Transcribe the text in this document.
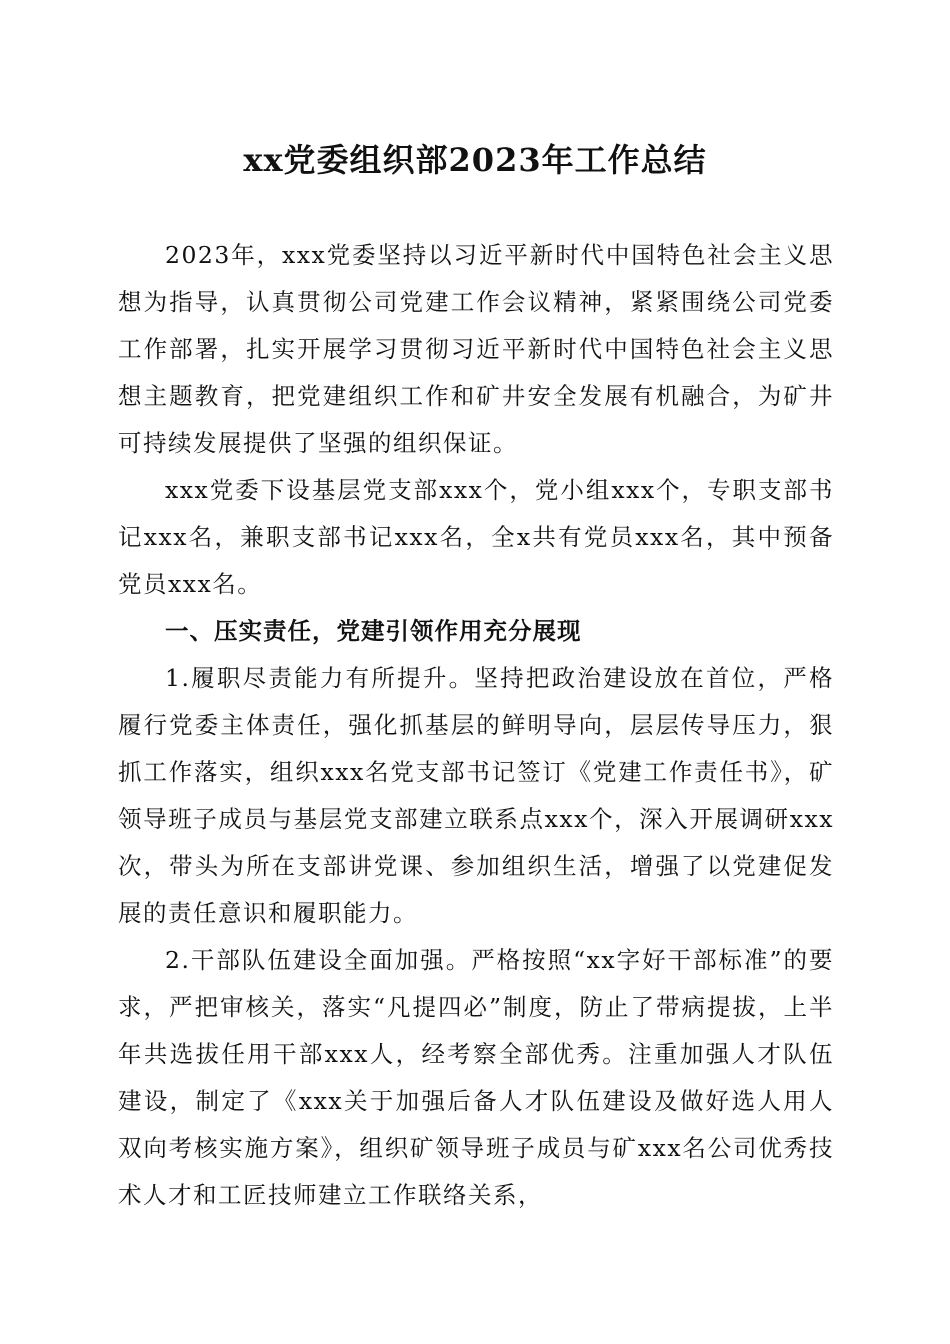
xx党委组织部2023年工作总结

2023年，xxx党委坚持以习近平新时代中国特色社会主义思想为指导，认真贯彻公司党建工作会议精神，紧紧围绕公司党委工作部署，扎实开展学习贯彻习近平新时代中国特色社会主义思想主题教育，把党建组织工作和矿井安全发展有机融合，为矿井可持续发展提供了坚强的组织保证。

xxx党委下设基层党支部xxx个，党小组xxx个，专职支部书记xxx名，兼职支部书记xxx名，全x共有党员xxx名，其中预备党员xxx名。

一、压实责任，党建引领作用充分展现

1.履职尽责能力有所提升。坚持把政治建设放在首位，严格履行党委主体责任，强化抓基层的鲜明导向，层层传导压力，狠抓工作落实，组织xxx名党支部书记签订《党建工作责任书》，矿领导班子成员与基层党支部建立联系点xxx个，深入开展调研xxx次，带头为所在支部讲党课、参加组织生活，增强了以党建促发展的责任意识和履职能力。

2.干部队伍建设全面加强。严格按照“xx字好干部标准”的要求，严把审核关，落实“凡提四必”制度，防止了带病提拔，上半年共选拔任用干部xxx人，经考察全部优秀。注重加强人才队伍建设，制定了《xxx关于加强后备人才队伍建设及做好选人用人双向考核实施方案》，组织矿领导班子成员与矿xxx名公司优秀技术人才和工匠技师建立工作联络关系，
